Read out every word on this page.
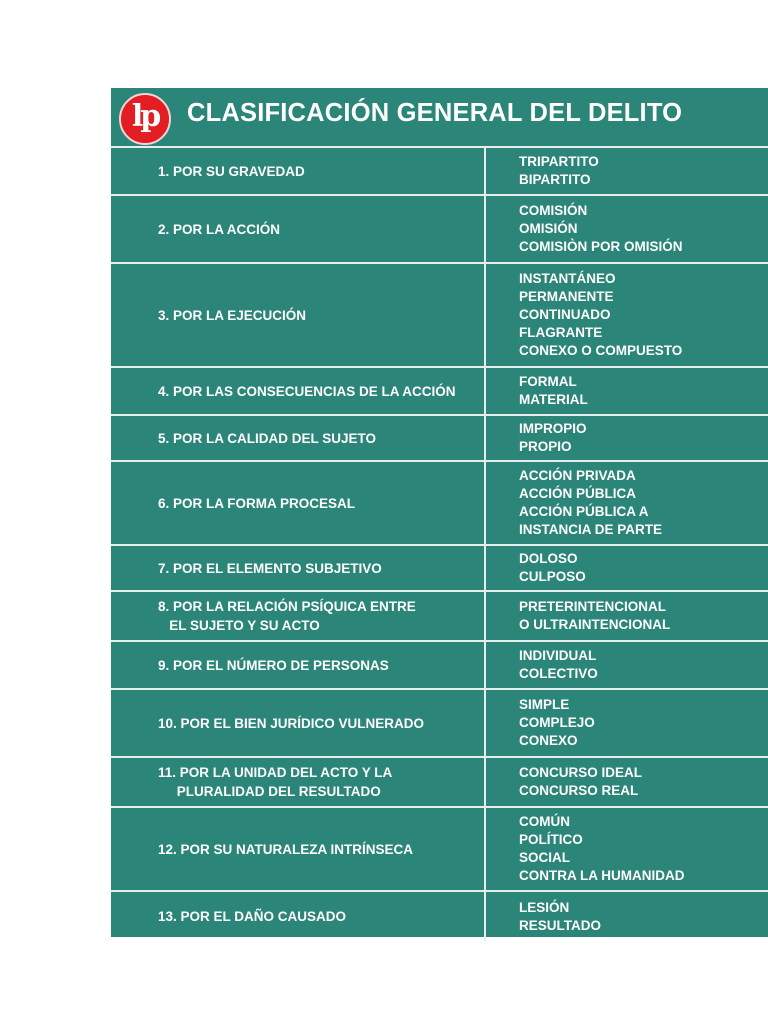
lp CLASIFICACIÓN GENERAL DEL DELITO
1. POR SU GRAVEDAD
TRIPARTITO
BIPARTITO
2. POR LA ACCIÓN
COMISIÓN
OMISIÓN
COMISIÒN POR OMISIÓN
3. POR LA EJECUCIÓN
INSTANTÁNEO
PERMANENTE
CONTINUADO
FLAGRANTE
CONEXO O COMPUESTO
4. POR LAS CONSECUENCIAS DE LA ACCIÓN
FORMAL
MATERIAL
5. POR LA CALIDAD DEL SUJETO
IMPROPIO
PROPIO
6. POR LA FORMA PROCESAL
ACCIÓN PRIVADA
ACCIÓN PÚBLICA
ACCIÓN PÚBLICA A
INSTANCIA DE PARTE
7. POR EL ELEMENTO SUBJETIVO
DOLOSO
CULPOSO
8. POR LA RELACIÓN PSÍQUICA ENTRE
EL SUJETO Y SU ACTO
PRETERINTENCIONAL
O ULTRAINTENCIONAL
9. POR EL NÚMERO DE PERSONAS
INDIVIDUAL
COLECTIVO
10. POR EL BIEN JURÍDICO VULNERADO
SIMPLE
COMPLEJO
CONEXO
11. POR LA UNIDAD DEL ACTO Y LA
PLURALIDAD DEL RESULTADO
CONCURSO IDEAL
CONCURSO REAL
12. POR SU NATURALEZA INTRÍNSECA
COMÚN
POLÍTICO
SOCIAL
CONTRA LA HUMANIDAD
13. POR EL DAÑO CAUSADO
LESIÓN
RESULTADO
